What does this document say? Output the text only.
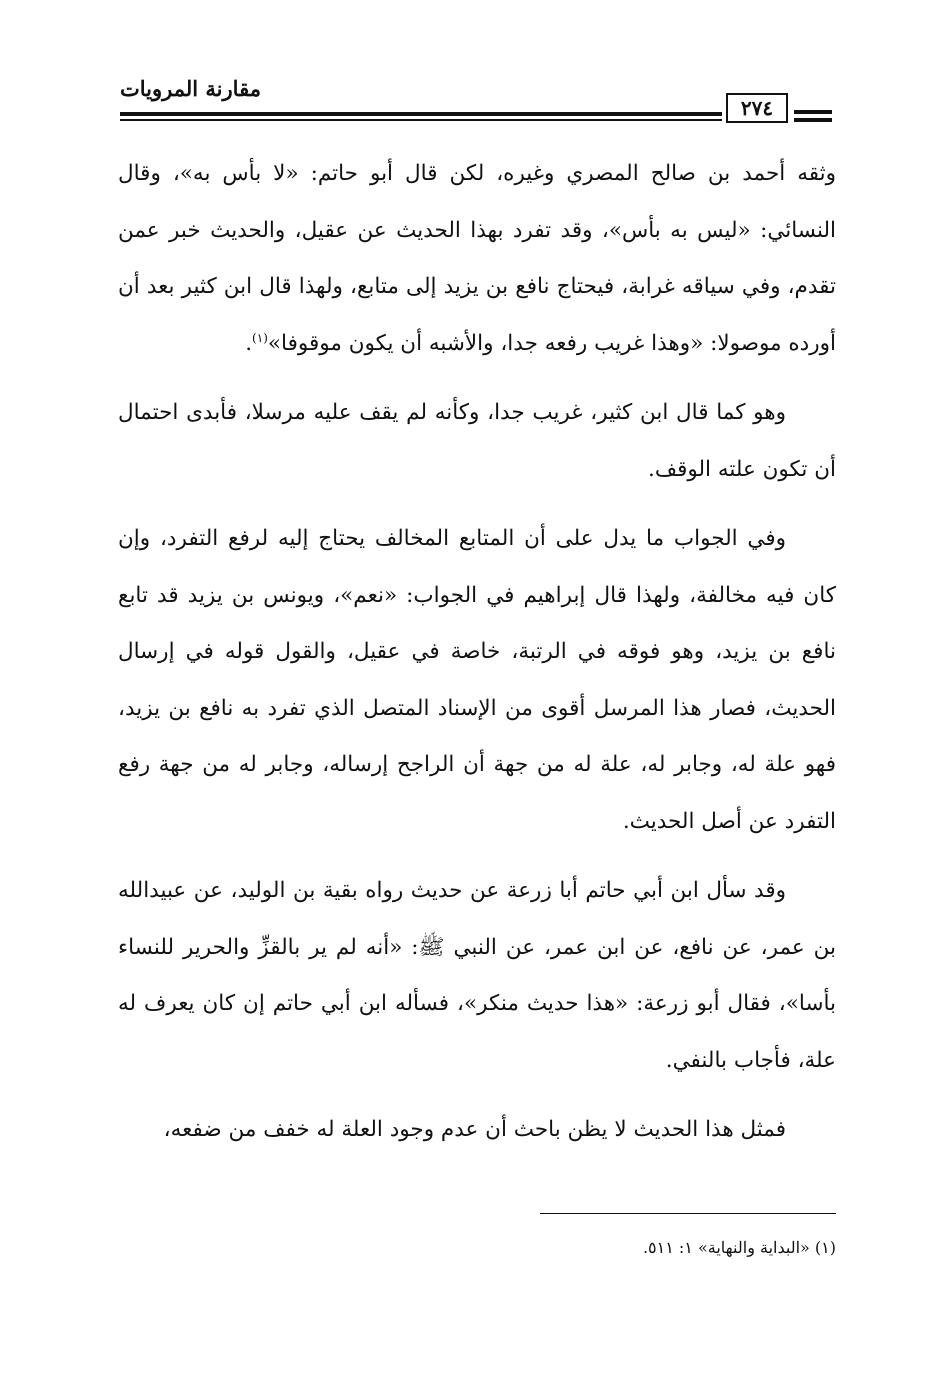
مقارنة المرويات
٢٧٤

وثقه أحمد بن صالح المصري وغيره، لكن قال أبو حاتم: «لا بأس به»، وقال النسائي: «ليس به بأس»، وقد تفرد بهذا الحديث عن عقيل، والحديث خبر عمن تقدم، وفي سياقه غرابة، فيحتاج نافع بن يزيد إلى متابع، ولهذا قال ابن كثير بعد أن أورده موصولا: «وهذا غريب رفعه جدا، والأشبه أن يكون موقوفا»$^{(١)}$.

وهو كما قال ابن كثير، غريب جدا، وكأنه لم يقف عليه مرسلا، فأبدى احتمال أن تكون علته الوقف.

وفي الجواب ما يدل على أن المتابع المخالف يحتاج إليه لرفع التفرد، وإن كان فيه مخالفة، ولهذا قال إبراهيم في الجواب: «نعم»، ويونس بن يزيد قد تابع نافع بن يزيد، وهو فوقه في الرتبة، خاصة في عقيل، والقول قوله في إرسال الحديث، فصار هذا المرسل أقوى من الإسناد المتصل الذي تفرد به نافع بن يزيد، فهو علة له، وجابر له، علة له من جهة أن الراجح إرساله، وجابر له من جهة رفع التفرد عن أصل الحديث.

وقد سأل ابن أبي حاتم أبا زرعة عن حديث رواه بقية بن الوليد، عن عبيدالله بن عمر، عن نافع، عن ابن عمر، عن النبي ﷺ: «أنه لم ير بالقزِّ والحرير للنساء بأسا»، فقال أبو زرعة: «هذا حديث منكر»، فسأله ابن أبي حاتم إن كان يعرف له علة، فأجاب بالنفي.

فمثل هذا الحديث لا يظن باحث أن عدم وجود العلة له خفف من ضفعه،

(١) «البداية والنهاية» ١: ٥١١.
